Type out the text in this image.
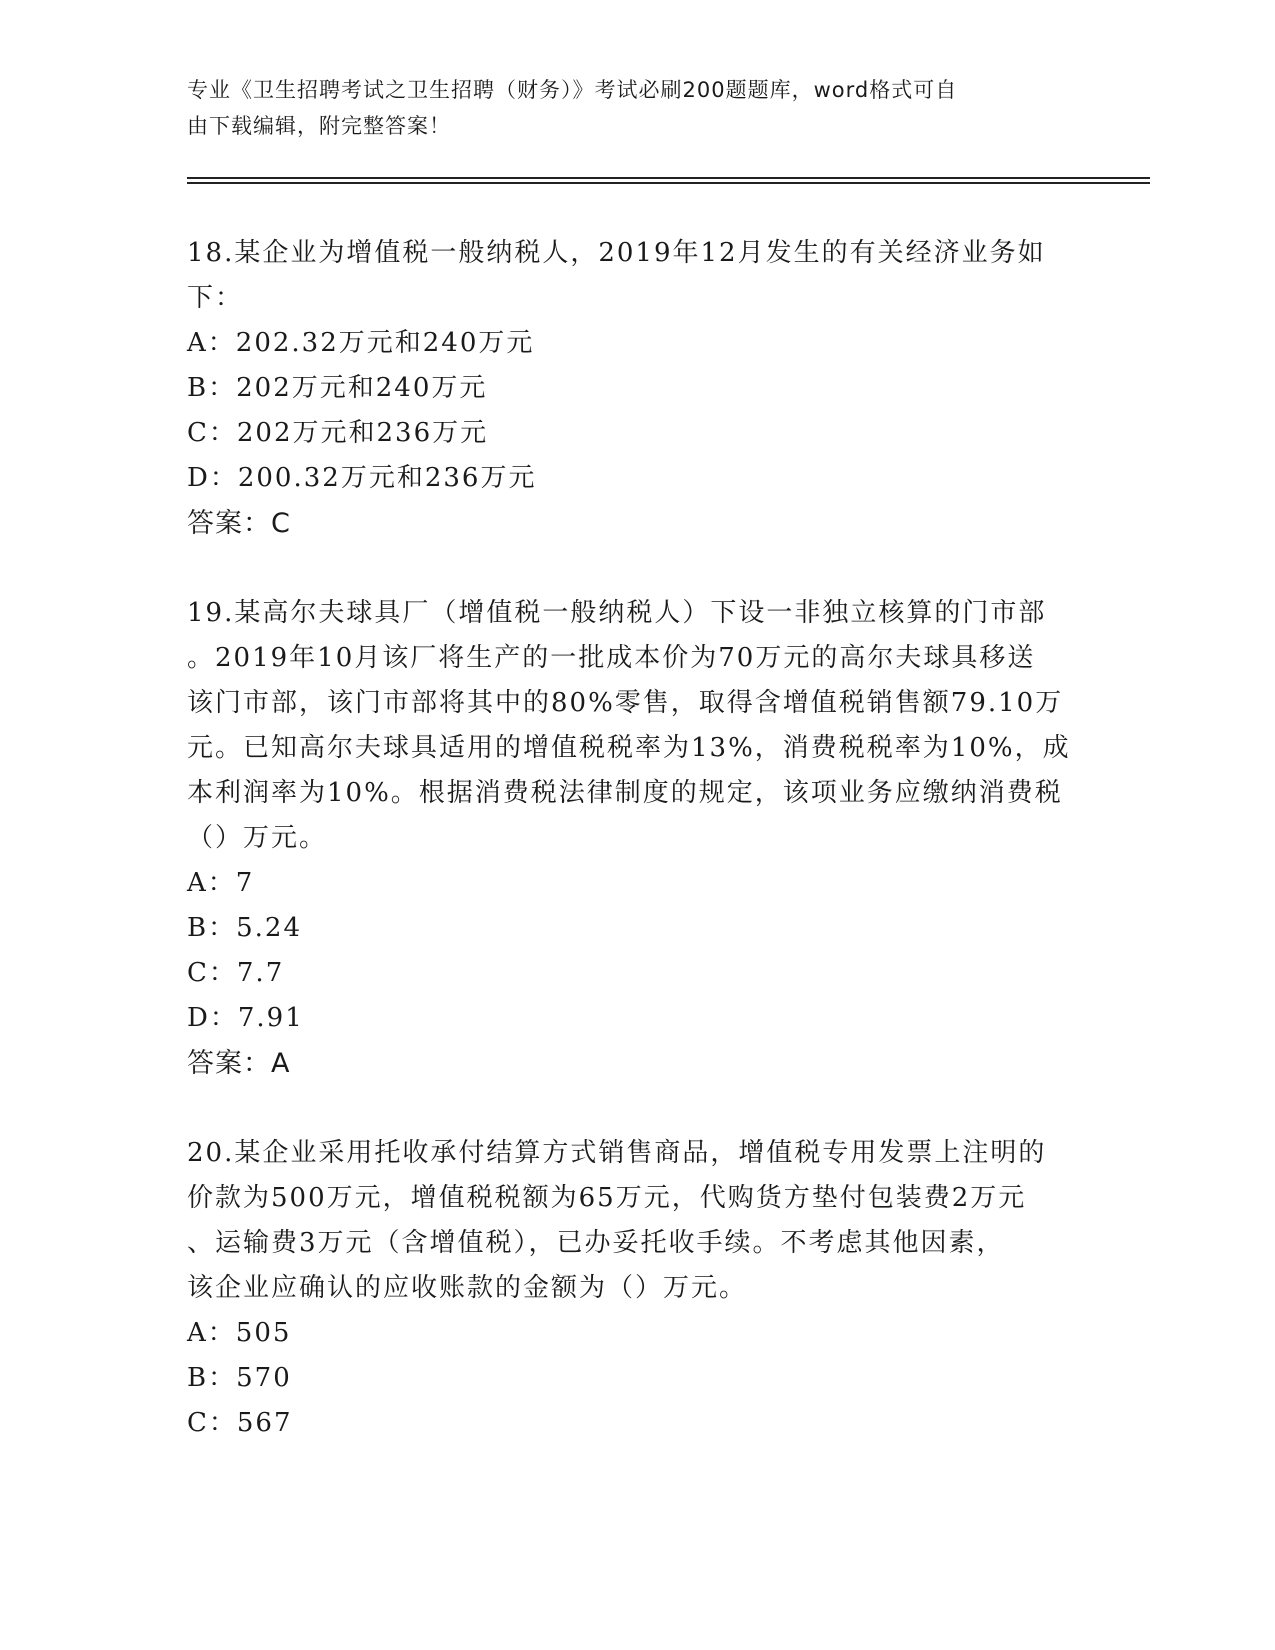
专业《卫生招聘考试之卫生招聘（财务）》考试必刷200题题库，word格式可自
由下载编辑，附完整答案！

18.某企业为增值税一般纳税人，2019年12月发生的有关经济业务如
下：

A：202.32万元和240万元

B：202万元和240万元

C：202万元和236万元

D：200.32万元和236万元

答案：C

19.某高尔夫球具厂（增值税一般纳税人）下设一非独立核算的门市部
。2019年10月该厂将生产的一批成本价为70万元的高尔夫球具移送
该门市部，该门市部将其中的80%零售，取得含增值税销售额79.10万
元。已知高尔夫球具适用的增值税税率为13%，消费税税率为10%，成
本利润率为10%。根据消费税法律制度的规定，该项业务应缴纳消费税
（）万元。

A：7

B：5.24

C：7.7

D：7.91

答案：A

20.某企业采用托收承付结算方式销售商品，增值税专用发票上注明的
价款为500万元，增值税税额为65万元，代购货方垫付包装费2万元
、运输费3万元（含增值税），已办妥托收手续。不考虑其他因素，
该企业应确认的应收账款的金额为（）万元。

A：505

B：570

C：567
